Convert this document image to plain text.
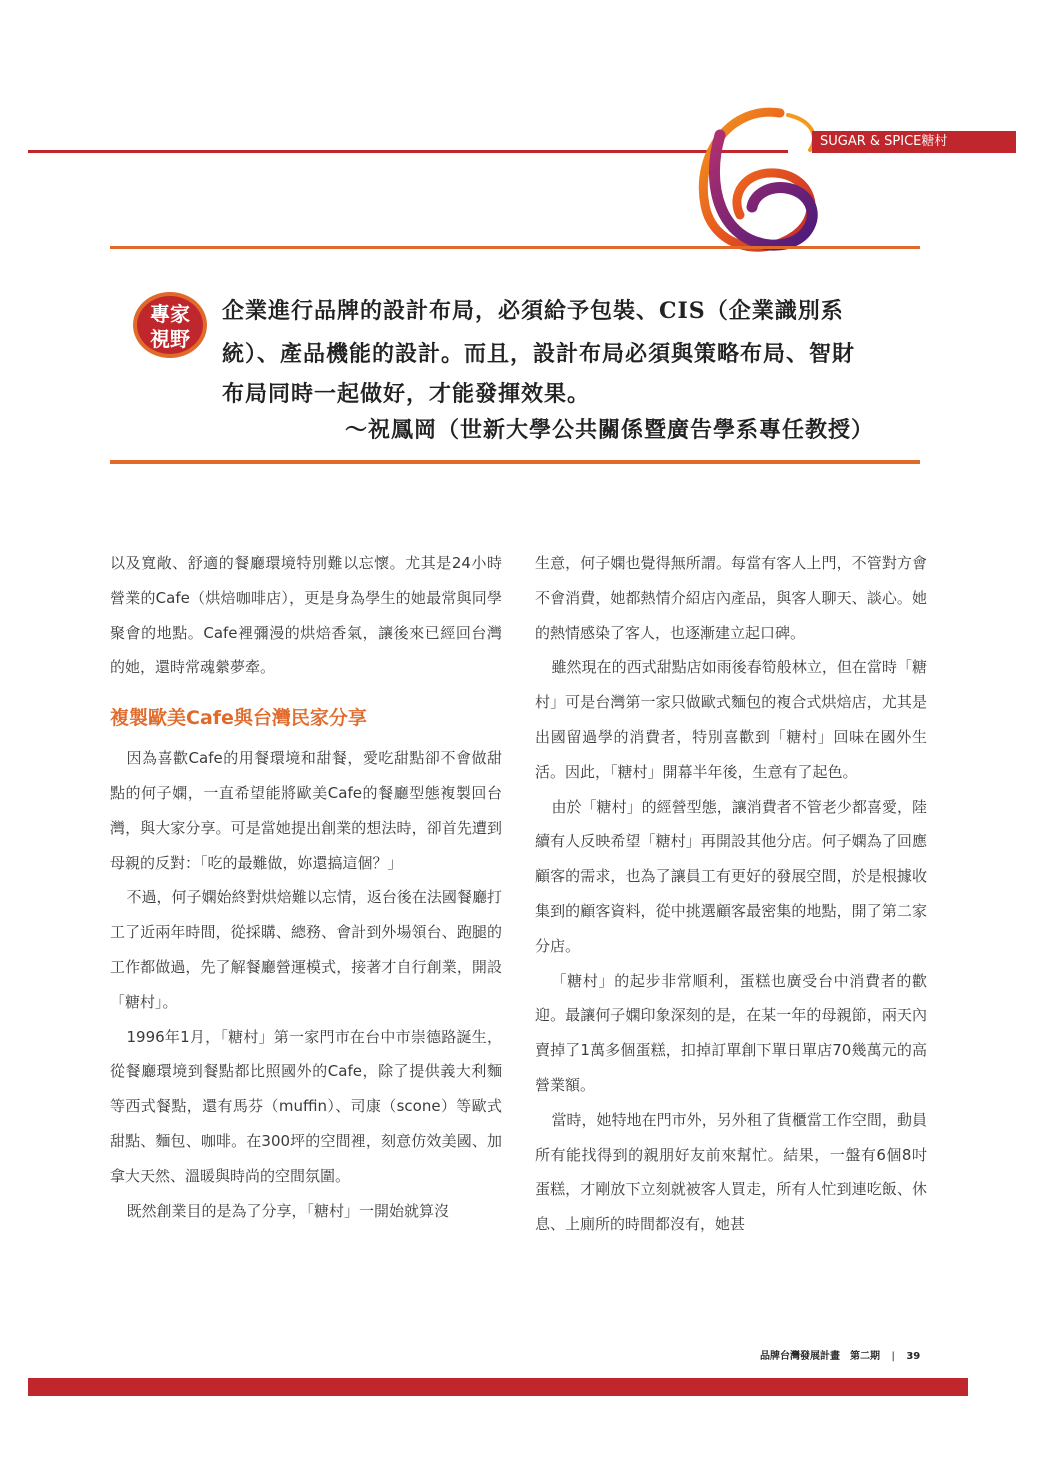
SUGAR & SPICE糖村
專家
視野
企業進行品牌的設計布局，必須給予包裝、CIS（企業識別系
統）、產品機能的設計。而且，設計布局必須與策略布局、智財
布局同時一起做好，才能發揮效果。
～祝鳳岡（世新大學公共關係暨廣告學系專任教授）

以及寬敞、舒適的餐廳環境特別難以忘懷。尤其是24小時營業的Cafe（烘焙咖啡店），更是身為學生的她最常與同學聚會的地點。Cafe裡彌漫的烘焙香氣，讓後來已經回台灣的她，還時常魂縈夢牽。

複製歐美Cafe與台灣民家分享

因為喜歡Cafe的用餐環境和甜餐，愛吃甜點卻不會做甜點的何子嫻，一直希望能將歐美Cafe的餐廳型態複製回台灣，與大家分享。可是當她提出創業的想法時，卻首先遭到母親的反對：「吃的最難做，妳還搞這個？」

不過，何子嫻始終對烘焙難以忘情，返台後在法國餐廳打工了近兩年時間，從採購、總務、會計到外場領台、跑腿的工作都做過，先了解餐廳營運模式，接著才自行創業，開設「糖村」。

1996年1月，「糖村」第一家門市在台中市崇德路誕生，從餐廳環境到餐點都比照國外的Cafe，除了提供義大利麵等西式餐點，還有馬芬（muffin）、司康（scone）等歐式甜點、麵包、咖啡。在300坪的空間裡，刻意仿效美國、加拿大天然、溫暖與時尚的空間氛圍。

既然創業目的是為了分享，「糖村」一開始就算沒

生意，何子嫻也覺得無所謂。每當有客人上門，不管對方會不會消費，她都熱情介紹店內產品，與客人聊天、談心。她的熱情感染了客人，也逐漸建立起口碑。

雖然現在的西式甜點店如雨後春筍般林立，但在當時「糖村」可是台灣第一家只做歐式麵包的複合式烘焙店，尤其是出國留過學的消費者，特別喜歡到「糖村」回味在國外生活。因此，「糖村」開幕半年後，生意有了起色。

由於「糖村」的經營型態，讓消費者不管老少都喜愛，陸續有人反映希望「糖村」再開設其他分店。何子嫻為了回應顧客的需求，也為了讓員工有更好的發展空間，於是根據收集到的顧客資料，從中挑選顧客最密集的地點，開了第二家分店。

「糖村」的起步非常順利，蛋糕也廣受台中消費者的歡迎。最讓何子嫻印象深刻的是，在某一年的母親節，兩天內賣掉了1萬多個蛋糕，扣掉訂單創下單日單店70幾萬元的高營業額。

當時，她特地在門市外，另外租了貨櫃當工作空間，動員所有能找得到的親朋好友前來幫忙。結果，一盤有6個8吋蛋糕，才剛放下立刻就被客人買走，所有人忙到連吃飯、休息、上廁所的時間都沒有，她甚

品牌台灣發展計畫　第二期 | 39
